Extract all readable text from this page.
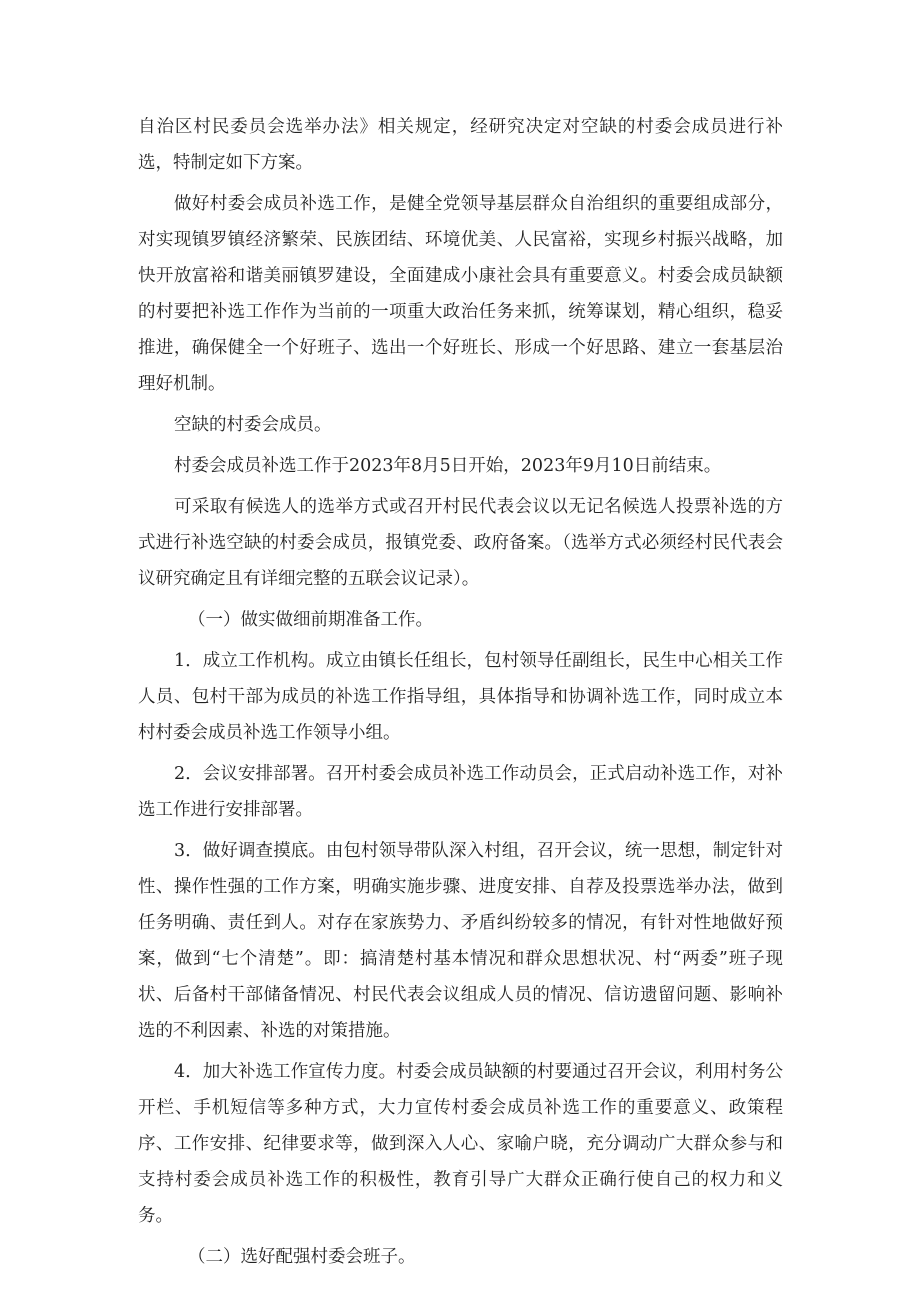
自治区村民委员会选举办法》相关规定，经研究决定对空缺的村委会成员进行补选，特制定如下方案。

做好村委会成员补选工作，是健全党领导基层群众自治组织的重要组成部分，对实现镇罗镇经济繁荣、民族团结、环境优美、人民富裕，实现乡村振兴战略，加快开放富裕和谐美丽镇罗建设，全面建成小康社会具有重要意义。村委会成员缺额的村要把补选工作作为当前的一项重大政治任务来抓，统筹谋划，精心组织，稳妥推进，确保健全一个好班子、选出一个好班长、形成一个好思路、建立一套基层治理好机制。

空缺的村委会成员。

村委会成员补选工作于2023年8月5日开始，2023年9月10日前结束。

可采取有候选人的选举方式或召开村民代表会议以无记名候选人投票补选的方式进行补选空缺的村委会成员，报镇党委、政府备案。（选举方式必须经村民代表会议研究确定且有详细完整的五联会议记录）。

（一）做实做细前期准备工作。

1．成立工作机构。成立由镇长任组长，包村领导任副组长，民生中心相关工作人员、包村干部为成员的补选工作指导组，具体指导和协调补选工作，同时成立本村村委会成员补选工作领导小组。

2．会议安排部署。召开村委会成员补选工作动员会，正式启动补选工作，对补选工作进行安排部署。

3．做好调查摸底。由包村领导带队深入村组，召开会议，统一思想，制定针对性、操作性强的工作方案，明确实施步骤、进度安排、自荐及投票选举办法，做到任务明确、责任到人。对存在家族势力、矛盾纠纷较多的情况，有针对性地做好预案，做到“七个清楚”。即：搞清楚村基本情况和群众思想状况、村“两委”班子现状、后备村干部储备情况、村民代表会议组成人员的情况、信访遗留问题、影响补选的不利因素、补选的对策措施。

4．加大补选工作宣传力度。村委会成员缺额的村要通过召开会议，利用村务公开栏、手机短信等多种方式，大力宣传村委会成员补选工作的重要意义、政策程序、工作安排、纪律要求等，做到深入人心、家喻户晓，充分调动广大群众参与和支持村委会成员补选工作的积极性，教育引导广大群众正确行使自己的权力和义务。

（二）选好配强村委会班子。
